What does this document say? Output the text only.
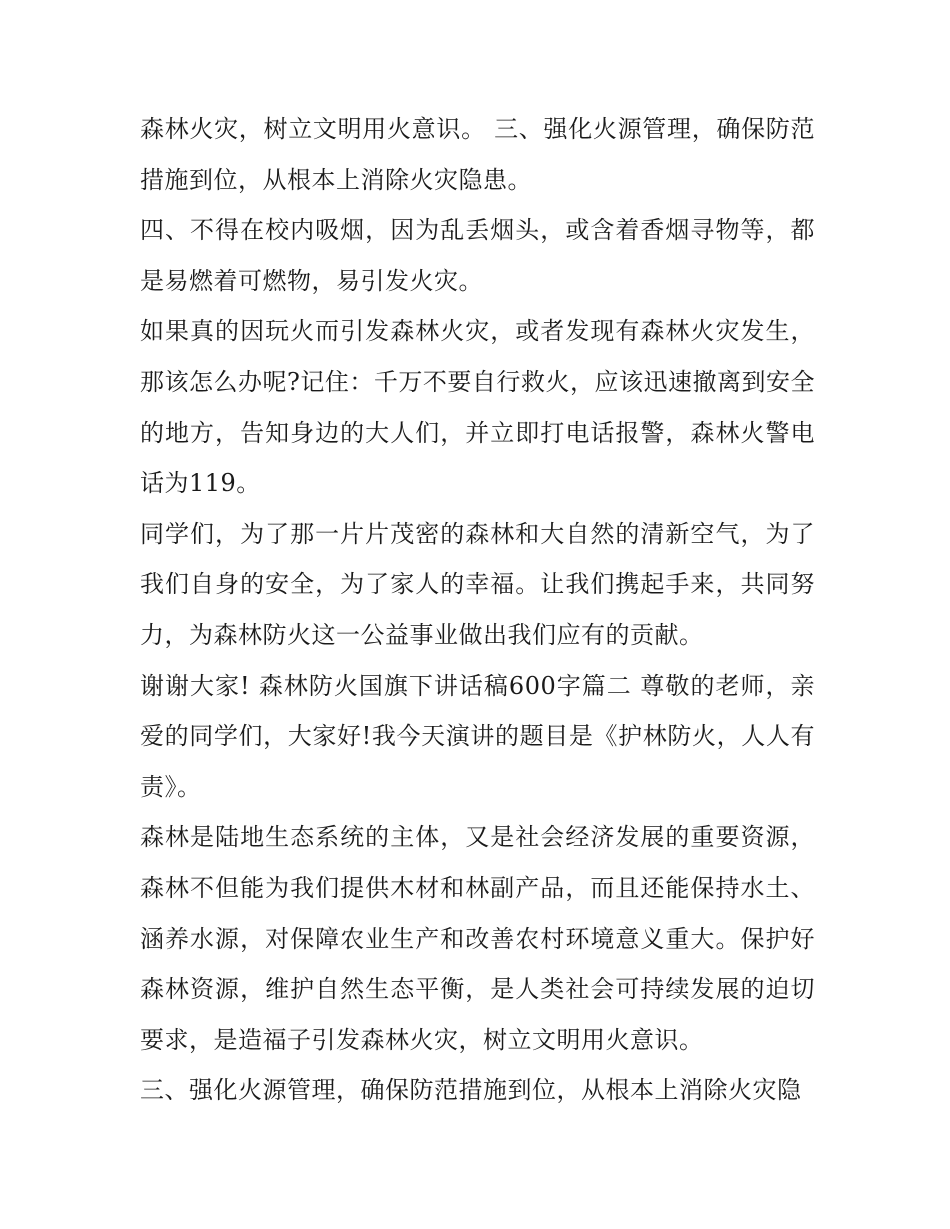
森林火灾，树立文明用火意识。 三、强化火源管理，确保防范措施到位，从根本上消除火灾隐患。

四、不得在校内吸烟，因为乱丢烟头，或含着香烟寻物等，都是易燃着可燃物，易引发火灾。

如果真的因玩火而引发森林火灾，或者发现有森林火灾发生，那该怎么办呢?记住：千万不要自行救火，应该迅速撤离到安全的地方，告知身边的大人们，并立即打电话报警，森林火警电话为119。

同学们，为了那一片片茂密的森林和大自然的清新空气，为了我们自身的安全，为了家人的幸福。让我们携起手来，共同努力，为森林防火这一公益事业做出我们应有的贡献。

谢谢大家! 森林防火国旗下讲话稿600字篇二 尊敬的老师，亲爱的同学们，大家好!我今天演讲的题目是《护林防火，人人有责》。

森林是陆地生态系统的主体，又是社会经济发展的重要资源，森林不但能为我们提供木材和林副产品，而且还能保持水土、涵养水源，对保障农业生产和改善农村环境意义重大。保护好森林资源，维护自然生态平衡，是人类社会可持续发展的迫切要求，是造福子引发森林火灾，树立文明用火意识。

三、强化火源管理，确保防范措施到位，从根本上消除火灾隐
